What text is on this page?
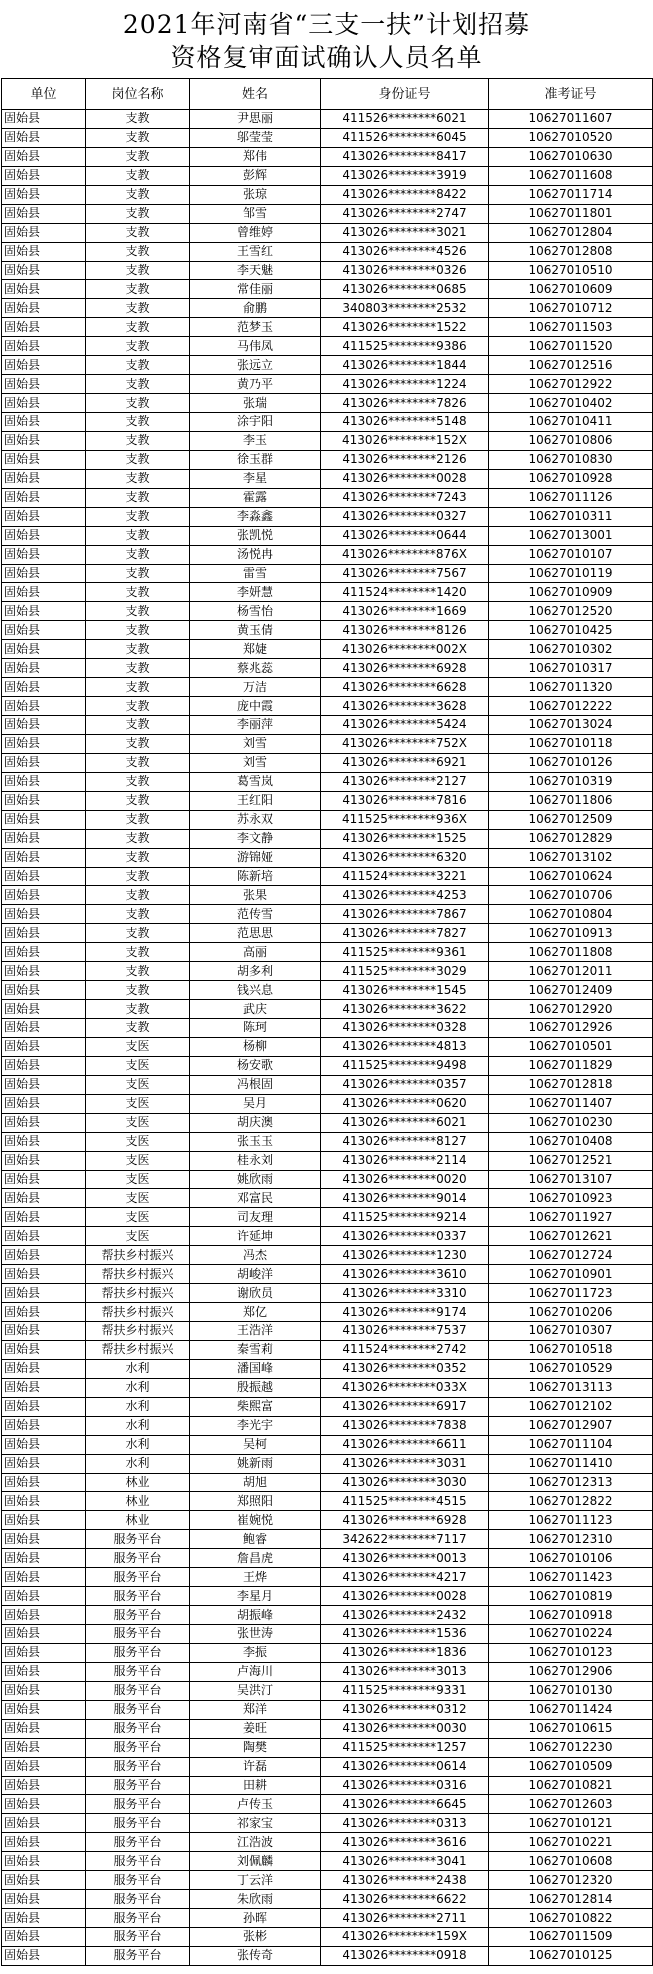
2021年河南省“三支一扶”计划招募
资格复审面试确认人员名单
单位	岗位名称	姓名	身份证号	准考证号
固始县	支教	尹思丽	411526********6021	10627011607
固始县	支教	邬莹莹	411526********6045	10627010520
固始县	支教	郑伟	413026********8417	10627010630
固始县	支教	彭辉	413026********3919	10627011608
固始县	支教	张琼	413026********8422	10627011714
固始县	支教	邹雪	413026********2747	10627011801
固始县	支教	曾维婷	413026********3021	10627012804
固始县	支教	王雪红	413026********4526	10627012808
固始县	支教	李天魅	413026********0326	10627010510
固始县	支教	常佳丽	413026********0685	10627010609
固始县	支教	俞鹏	340803********2532	10627010712
固始县	支教	范梦玉	413026********1522	10627011503
固始县	支教	马伟凤	411525********9386	10627011520
固始县	支教	张远立	413026********1844	10627012516
固始县	支教	黄乃平	413026********1224	10627012922
固始县	支教	张瑞	413026********7826	10627010402
固始县	支教	涂宇阳	413026********5148	10627010411
固始县	支教	李玉	413026********152X	10627010806
固始县	支教	徐玉群	413026********2126	10627010830
固始县	支教	李星	413026********0028	10627010928
固始县	支教	霍露	413026********7243	10627011126
固始县	支教	李淼鑫	413026********0327	10627010311
固始县	支教	张凯悦	413026********0644	10627013001
固始县	支教	汤悦冉	413026********876X	10627010107
固始县	支教	雷雪	413026********7567	10627010119
固始县	支教	李妍慧	411524********1420	10627010909
固始县	支教	杨雪怡	413026********1669	10627012520
固始县	支教	黄玉倩	413026********8126	10627010425
固始县	支教	郑婕	413026********002X	10627010302
固始县	支教	蔡兆蕊	413026********6928	10627010317
固始县	支教	万洁	413026********6628	10627011320
固始县	支教	庞中霞	413026********3628	10627012222
固始县	支教	李丽萍	413026********5424	10627013024
固始县	支教	刘雪	413026********752X	10627010118
固始县	支教	刘雪	413026********6921	10627010126
固始县	支教	葛雪岚	413026********2127	10627010319
固始县	支教	王红阳	413026********7816	10627011806
固始县	支教	苏永双	411525********936X	10627012509
固始县	支教	李文静	413026********1525	10627012829
固始县	支教	游锦娅	413026********6320	10627013102
固始县	支教	陈新培	411524********3221	10627010624
固始县	支教	张果	413026********4253	10627010706
固始县	支教	范传雪	413026********7867	10627010804
固始县	支教	范思思	413026********7827	10627010913
固始县	支教	高丽	411525********9361	10627011808
固始县	支教	胡多利	411525********3029	10627012011
固始县	支教	钱兴息	413026********1545	10627012409
固始县	支教	武庆	413026********3622	10627012920
固始县	支教	陈珂	413026********0328	10627012926
固始县	支医	杨柳	413026********4813	10627010501
固始县	支医	杨安歌	411525********9498	10627011829
固始县	支医	冯根固	413026********0357	10627012818
固始县	支医	吴月	413026********0620	10627011407
固始县	支医	胡庆澳	413026********6021	10627010230
固始县	支医	张玉玉	413026********8127	10627010408
固始县	支医	桂永刘	413026********2114	10627012521
固始县	支医	姚欣雨	413026********0020	10627013107
固始县	支医	邓富民	413026********9014	10627010923
固始县	支医	司友理	411525********9214	10627011927
固始县	支医	许延坤	413026********0337	10627012621
固始县	帮扶乡村振兴	冯杰	413026********1230	10627012724
固始县	帮扶乡村振兴	胡峻洋	413026********3610	10627010901
固始县	帮扶乡村振兴	谢欣员	413026********3310	10627011723
固始县	帮扶乡村振兴	郑亿	413026********9174	10627010206
固始县	帮扶乡村振兴	王浩洋	413026********7537	10627010307
固始县	帮扶乡村振兴	秦雪莉	411524********2742	10627010518
固始县	水利	潘国峰	413026********0352	10627010529
固始县	水利	殷振越	413026********033X	10627013113
固始县	水利	柴熙富	413026********6917	10627012102
固始县	水利	李光宇	413026********7838	10627012907
固始县	水利	吴柯	413026********6611	10627011104
固始县	水利	姚新雨	413026********3031	10627011410
固始县	林业	胡旭	413026********3030	10627012313
固始县	林业	郑照阳	411525********4515	10627012822
固始县	林业	崔婉悦	413026********6928	10627011123
固始县	服务平台	鲍睿	342622********7117	10627012310
固始县	服务平台	詹昌虎	413026********0013	10627010106
固始县	服务平台	王烨	413026********4217	10627011423
固始县	服务平台	李星月	413026********0028	10627010819
固始县	服务平台	胡振峰	413026********2432	10627010918
固始县	服务平台	张世涛	413026********1536	10627010224
固始县	服务平台	李振	413026********1836	10627010123
固始县	服务平台	卢海川	413026********3013	10627012906
固始县	服务平台	吴洪汀	411525********9331	10627010130
固始县	服务平台	郑洋	413026********0312	10627011424
固始县	服务平台	姜旺	413026********0030	10627010615
固始县	服务平台	陶樊	411525********1257	10627012230
固始县	服务平台	许磊	413026********0614	10627010509
固始县	服务平台	田耕	413026********0316	10627010821
固始县	服务平台	卢传玉	413026********6645	10627012603
固始县	服务平台	祁家宝	413026********0313	10627010121
固始县	服务平台	江浩波	413026********3616	10627010221
固始县	服务平台	刘佩麟	413026********3041	10627010608
固始县	服务平台	丁云洋	413026********2438	10627012320
固始县	服务平台	朱欣雨	413026********6622	10627012814
固始县	服务平台	孙晖	413026********2711	10627010822
固始县	服务平台	张彬	413026********159X	10627011509
固始县	服务平台	张传奇	413026********0918	10627010125
